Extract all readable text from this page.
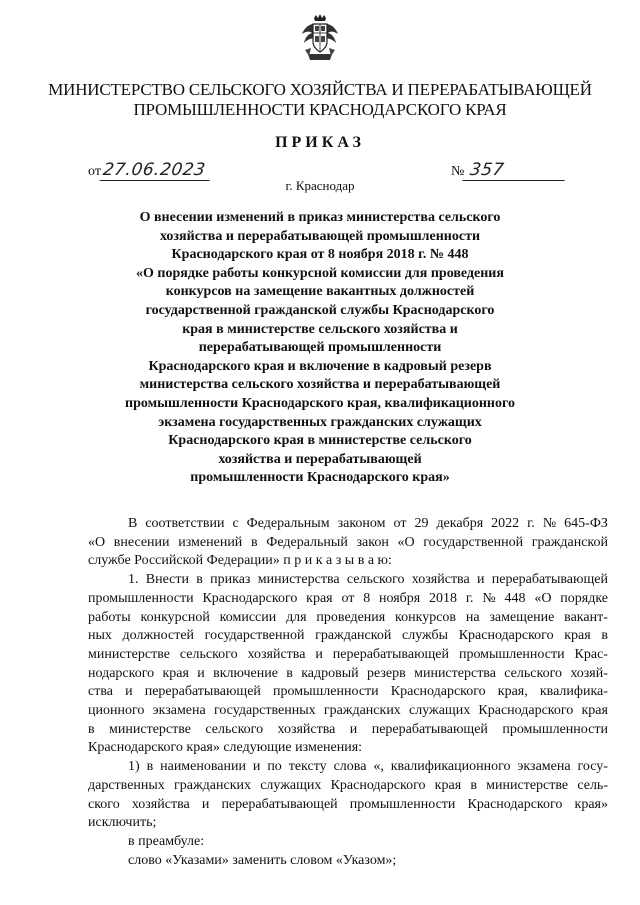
МИНИСТЕРСТВО СЕЛЬСКОГО ХОЗЯЙСТВА И ПЕРЕРАБАТЫВАЮЩЕЙ
ПРОМЫШЛЕННОСТИ КРАСНОДАРСКОГО КРАЯ
ПРИКАЗ
от27.06.2023	№ 357
г. Краснодар
О внесении изменений в приказ министерства сельского
хозяйства и перерабатывающей промышленности
Краснодарского края от 8 ноября 2018 г. № 448
«О порядке работы конкурсной комиссии для проведения
конкурсов на замещение вакантных должностей
государственной гражданской службы Краснодарского
края в министерстве сельского хозяйства и
перерабатывающей промышленности
Краснодарского края и включение в кадровый резерв
министерства сельского хозяйства и перерабатывающей
промышленности Краснодарского края, квалификационного
экзамена государственных гражданских служащих
Краснодарского края в министерстве сельского
хозяйства и перерабатывающей
промышленности Краснодарского края»
В соответствии с Федеральным законом от 29 декабря 2022 г. № 645-ФЗ
«О внесении изменений в Федеральный закон «О государственной гражданской
службе Российской Федерации» п р и к а з ы в а ю:
1. Внести в приказ министерства сельского хозяйства и перерабатывающей
промышленности Краснодарского края от 8 ноября 2018 г. № 448 «О порядке
работы конкурсной комиссии для проведения конкурсов на замещение вакант-
ных должностей государственной гражданской службы Краснодарского края в
министерстве сельского хозяйства и перерабатывающей промышленности Крас-
нодарского края и включение в кадровый резерв министерства сельского хозяй-
ства и перерабатывающей промышленности Краснодарского края, квалифика-
ционного экзамена государственных гражданских служащих Краснодарского края
в министерстве сельского хозяйства и перерабатывающей промышленности
Краснодарского края» следующие изменения:
1) в наименовании и по тексту слова «, квалификационного экзамена госу-
дарственных гражданских служащих Краснодарского края в министерстве сель-
ского хозяйства и перерабатывающей промышленности Краснодарского края»
исключить;
в преамбуле:
слово «Указами» заменить словом «Указом»;
